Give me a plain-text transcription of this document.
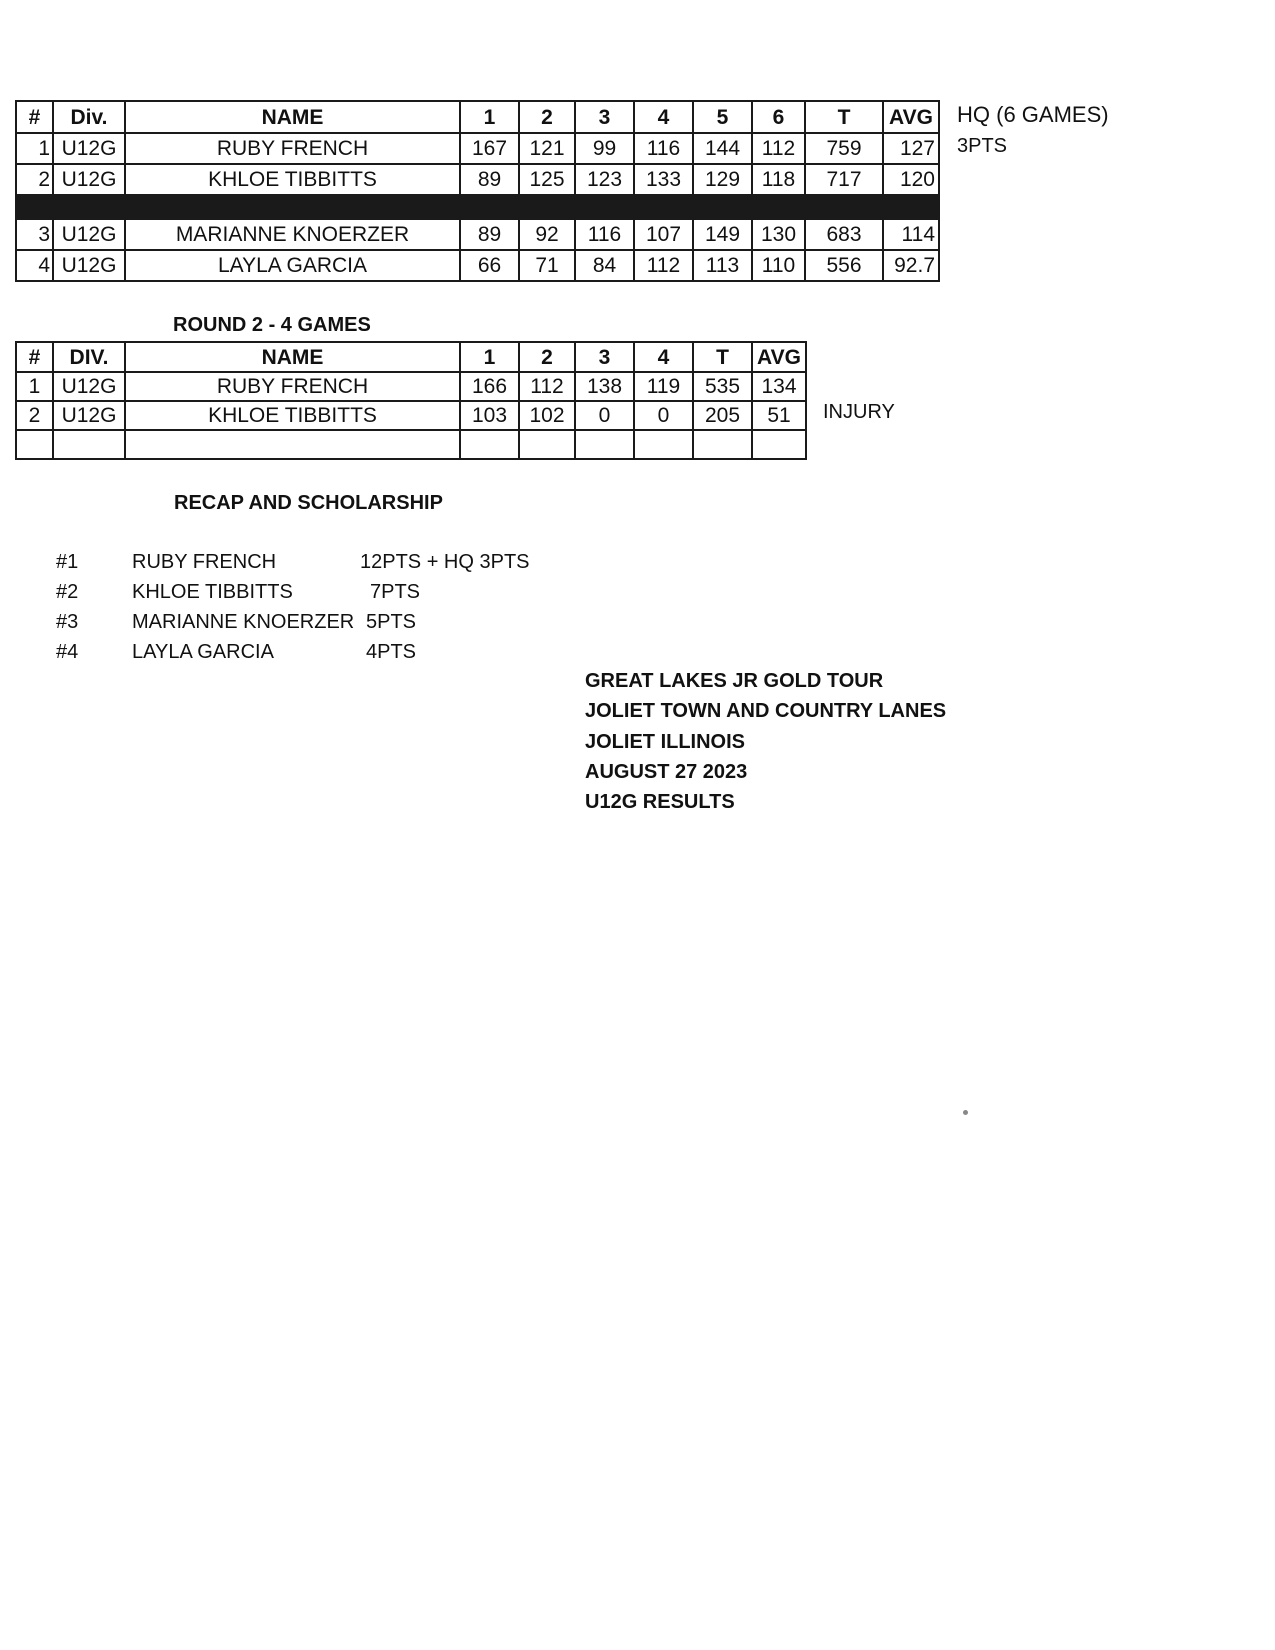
#	Div.	NAME	1	2	3	4	5	6	T	AVG
1	U12G	RUBY FRENCH	167	121	99	116	144	112	759	127
2	U12G	KHLOE TIBBITTS	89	125	123	133	129	118	717	120

3	U12G	MARIANNE KNOERZER	89	92	116	107	149	130	683	114
4	U12G	LAYLA GARCIA	66	71	84	112	113	110	556	92.7
HQ (6 GAMES)
3PTS
ROUND 2 - 4 GAMES
#	DIV.	NAME	1	2	3	4	T	AVG
1	U12G	RUBY FRENCH	166	112	138	119	535	134
2	U12G	KHLOE TIBBITTS	103	102	0	0	205	51
								INJURY
RECAP AND SCHOLARSHIP
#1	RUBY FRENCH	12PTS + HQ 3PTS
#2	KHLOE TIBBITTS	7PTS
#3	MARIANNE KNOERZER 5PTS
#4	LAYLA GARCIA	4PTS
GREAT LAKES JR GOLD TOUR
JOLIET TOWN AND COUNTRY LANES
JOLIET ILLINOIS
AUGUST 27 2023
U12G RESULTS
